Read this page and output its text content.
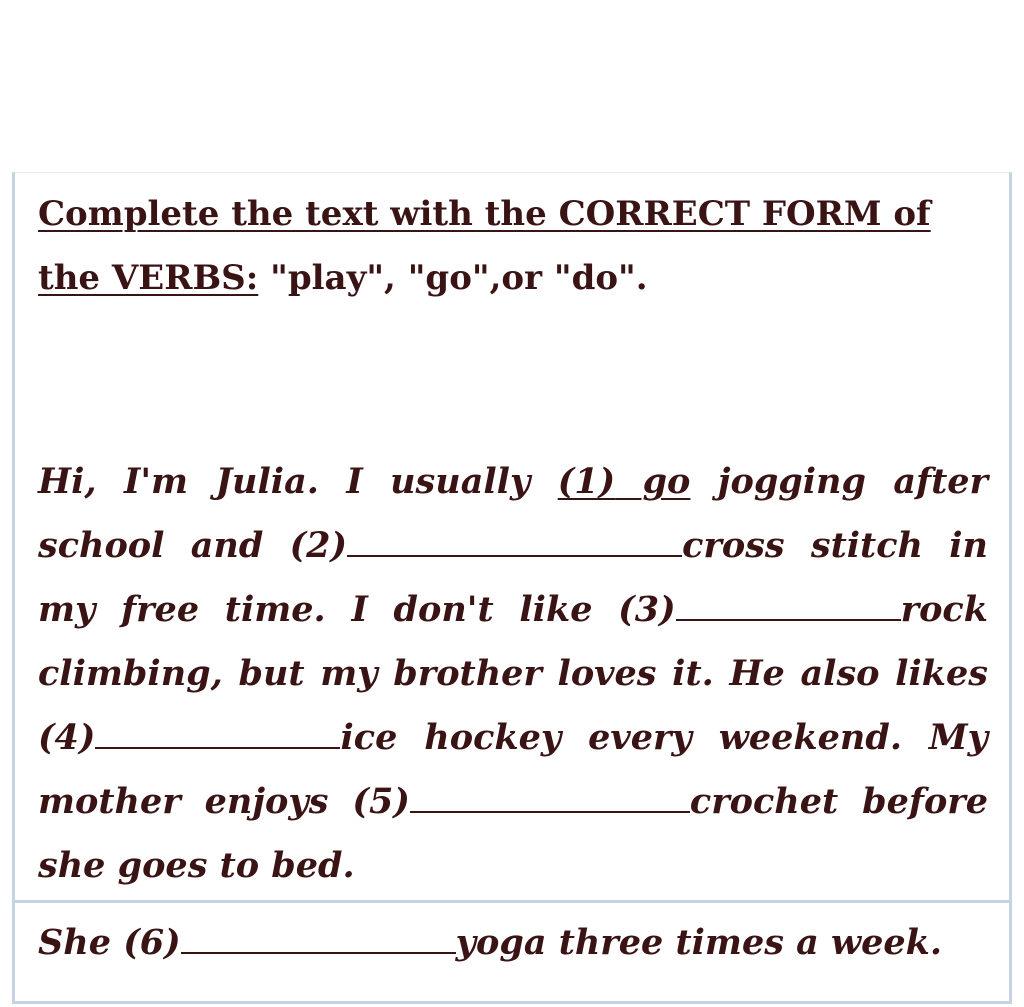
Complete the text with the CORRECT FORM of the VERBS: "play", "go",or "do".

Hi, I'm Julia. I usually (1) go jogging after school and (2)	cross stitch in my free time. I don't like (3)	rock climbing, but my brother loves it. He also likes (4)	ice hockey every weekend. My mother enjoys (5)	crochet before she goes to bed.

She (6)	yoga three times a week.
